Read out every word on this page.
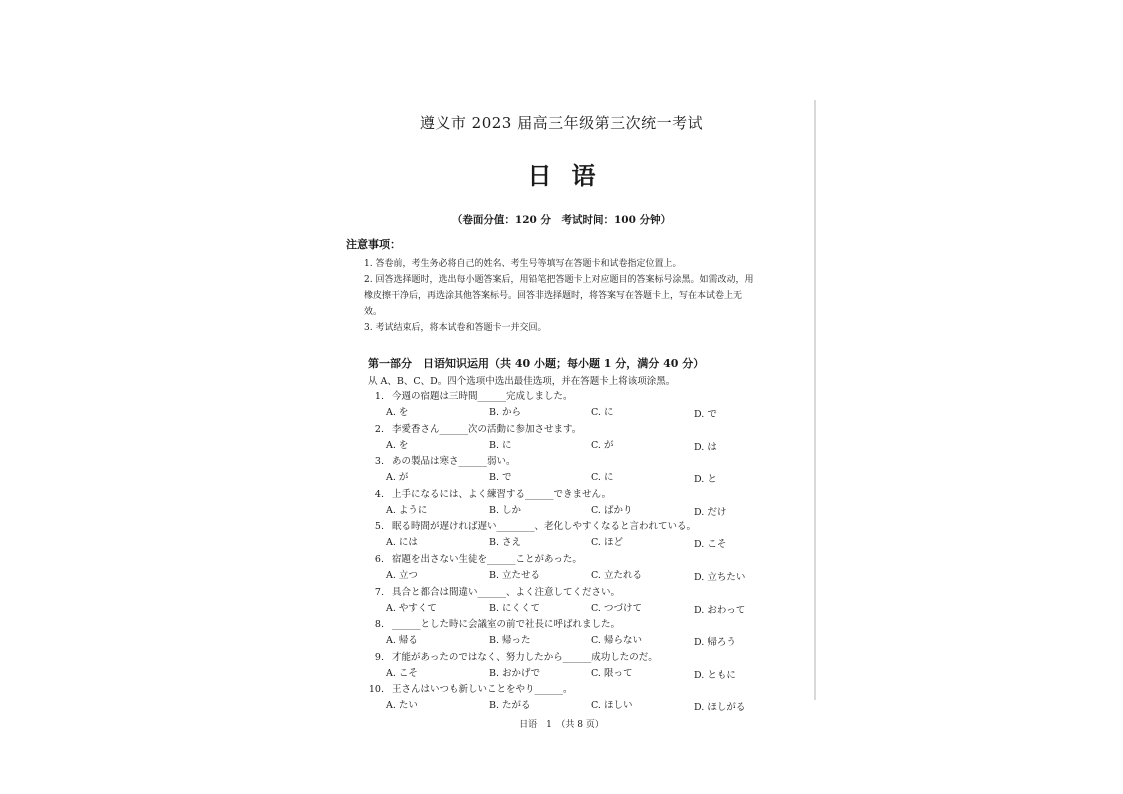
遵义市 2023 届高三年级第三次统一考试
日语
（卷面分值：120 分　考试时间：100 分钟）
注意事项：

1. 答卷前，考生务必将自己的姓名、考生号等填写在答题卡和试卷指定位置上。

2. 回答选择题时，选出每小题答案后，用铅笔把答题卡上对应题目的答案标号涂黑。如需改动，用橡皮擦干净后，再选涂其他答案标号。回答非选择题时，将答案写在答题卡上，写在本试卷上无效。

3. 考试结束后，将本试卷和答题卡一并交回。

第一部分　日语知识运用（共 40 小题；每小题 1 分，满分 40 分）
从 A、B、C、D。四个选项中选出最佳选项，并在答题卡上将该项涂黑。
1. 今週の宿題は三時間______完成しました。
A. を	B. から	C. に	D. で
2. 李愛香さん______次の活動に参加させます。
A. を	B. に	C. が	D. は
3. あの製品は寒さ______弱い。
A. が	B. で	C. に	D. と
4. 上手になるには、よく練習する______できません。
A. ように	B. しか	C. ばかり	D. だけ
5. 眠る時間が遅ければ遅い________、老化しやすくなると言われている。
A. には	B. さえ	C. ほど	D. こそ
6. 宿題を出さない生徒を______ことがあった。
A. 立つ	B. 立たせる	C. 立たれる	D. 立ちたい
7. 具合と都合は間違い______、よく注意してください。
A. やすくて	B. にくくて	C. つづけて	D. おわって
8. ______とした時に会議室の前で社長に呼ばれました。
A. 帰る	B. 帰った	C. 帰らない	D. 帰ろう
9. 才能があったのではなく、努力したから______成功したのだ。
A. こそ	B. おかげで	C. 限って	D. ともに
10. 王さんはいつも新しいことをやり______。
A. たい	B. たがる	C. ほしい	D. ほしがる
日语　1　（共 8 页）
